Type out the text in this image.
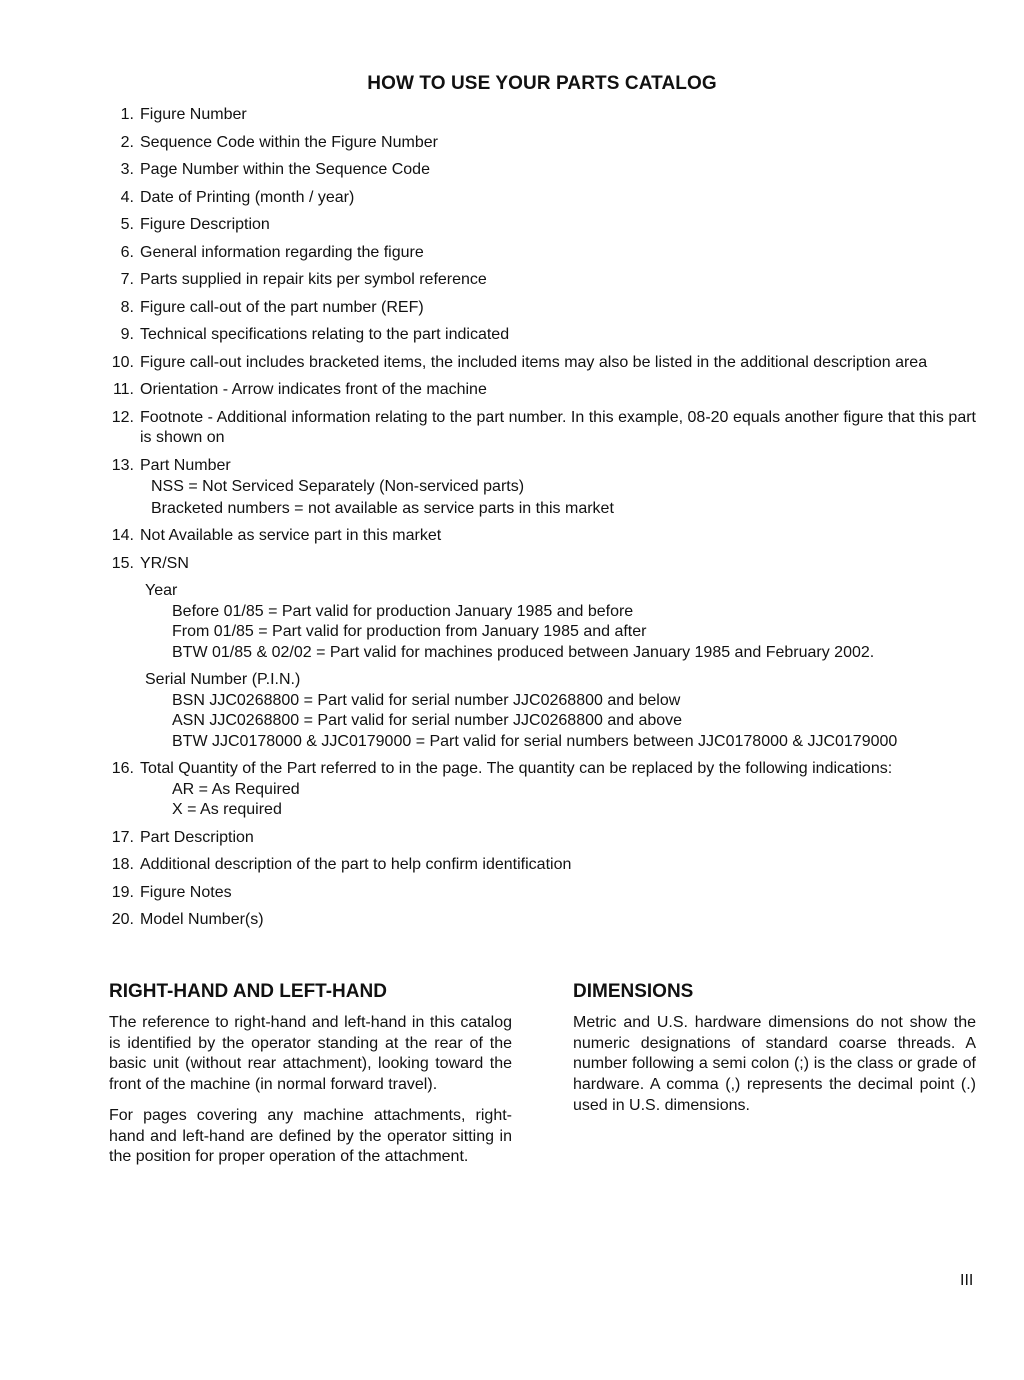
HOW TO USE YOUR PARTS CATALOG
1. Figure Number
2. Sequence Code within the Figure Number
3. Page Number within the Sequence Code
4. Date of Printing (month / year)
5. Figure Description
6. General information regarding the figure
7. Parts supplied in repair kits per symbol reference
8. Figure call-out of the part number (REF)
9. Technical specifications relating to the part indicated
10. Figure call-out includes bracketed items, the included items may also be listed in the additional description area
11. Orientation - Arrow indicates front of the machine
12. Footnote - Additional information relating to the part number. In this example, 08-20 equals another figure that this part is shown on
13. Part Number
NSS = Not Serviced Separately (Non-serviced parts)
Bracketed numbers = not available as service parts in this market
14. Not Available as service part in this market
15. YR/SN
Year
Before 01/85 = Part valid for production January 1985 and before
From 01/85 = Part valid for production from January 1985 and after
BTW 01/85 & 02/02 = Part valid for machines produced between January 1985 and February 2002.
Serial Number (P.I.N.)
BSN JJC0268800 = Part valid for serial number JJC0268800 and below
ASN JJC0268800 = Part valid for serial number JJC0268800 and above
BTW JJC0178000 & JJC0179000 = Part valid for serial numbers between JJC0178000 & JJC0179000
16. Total Quantity of the Part referred to in the page. The quantity can be replaced by the following indications:
AR = As Required
X = As required
17. Part Description
18. Additional description of the part to help confirm identification
19. Figure Notes
20. Model Number(s)
RIGHT-HAND AND LEFT-HAND

The reference to right-hand and left-hand in this catalog is identified by the operator standing at the rear of the basic unit (without rear attachment), looking toward the front of the machine (in normal forward travel).

For pages covering any machine attachments, right-hand and left-hand are defined by the operator sitting in the position for proper operation of the attachment.

DIMENSIONS

Metric and U.S. hardware dimensions do not show the numeric designations of standard coarse threads. A number following a semi colon (;) is the class or grade of hardware. A comma (,) represents the decimal point (.) used in U.S. dimensions.

III
